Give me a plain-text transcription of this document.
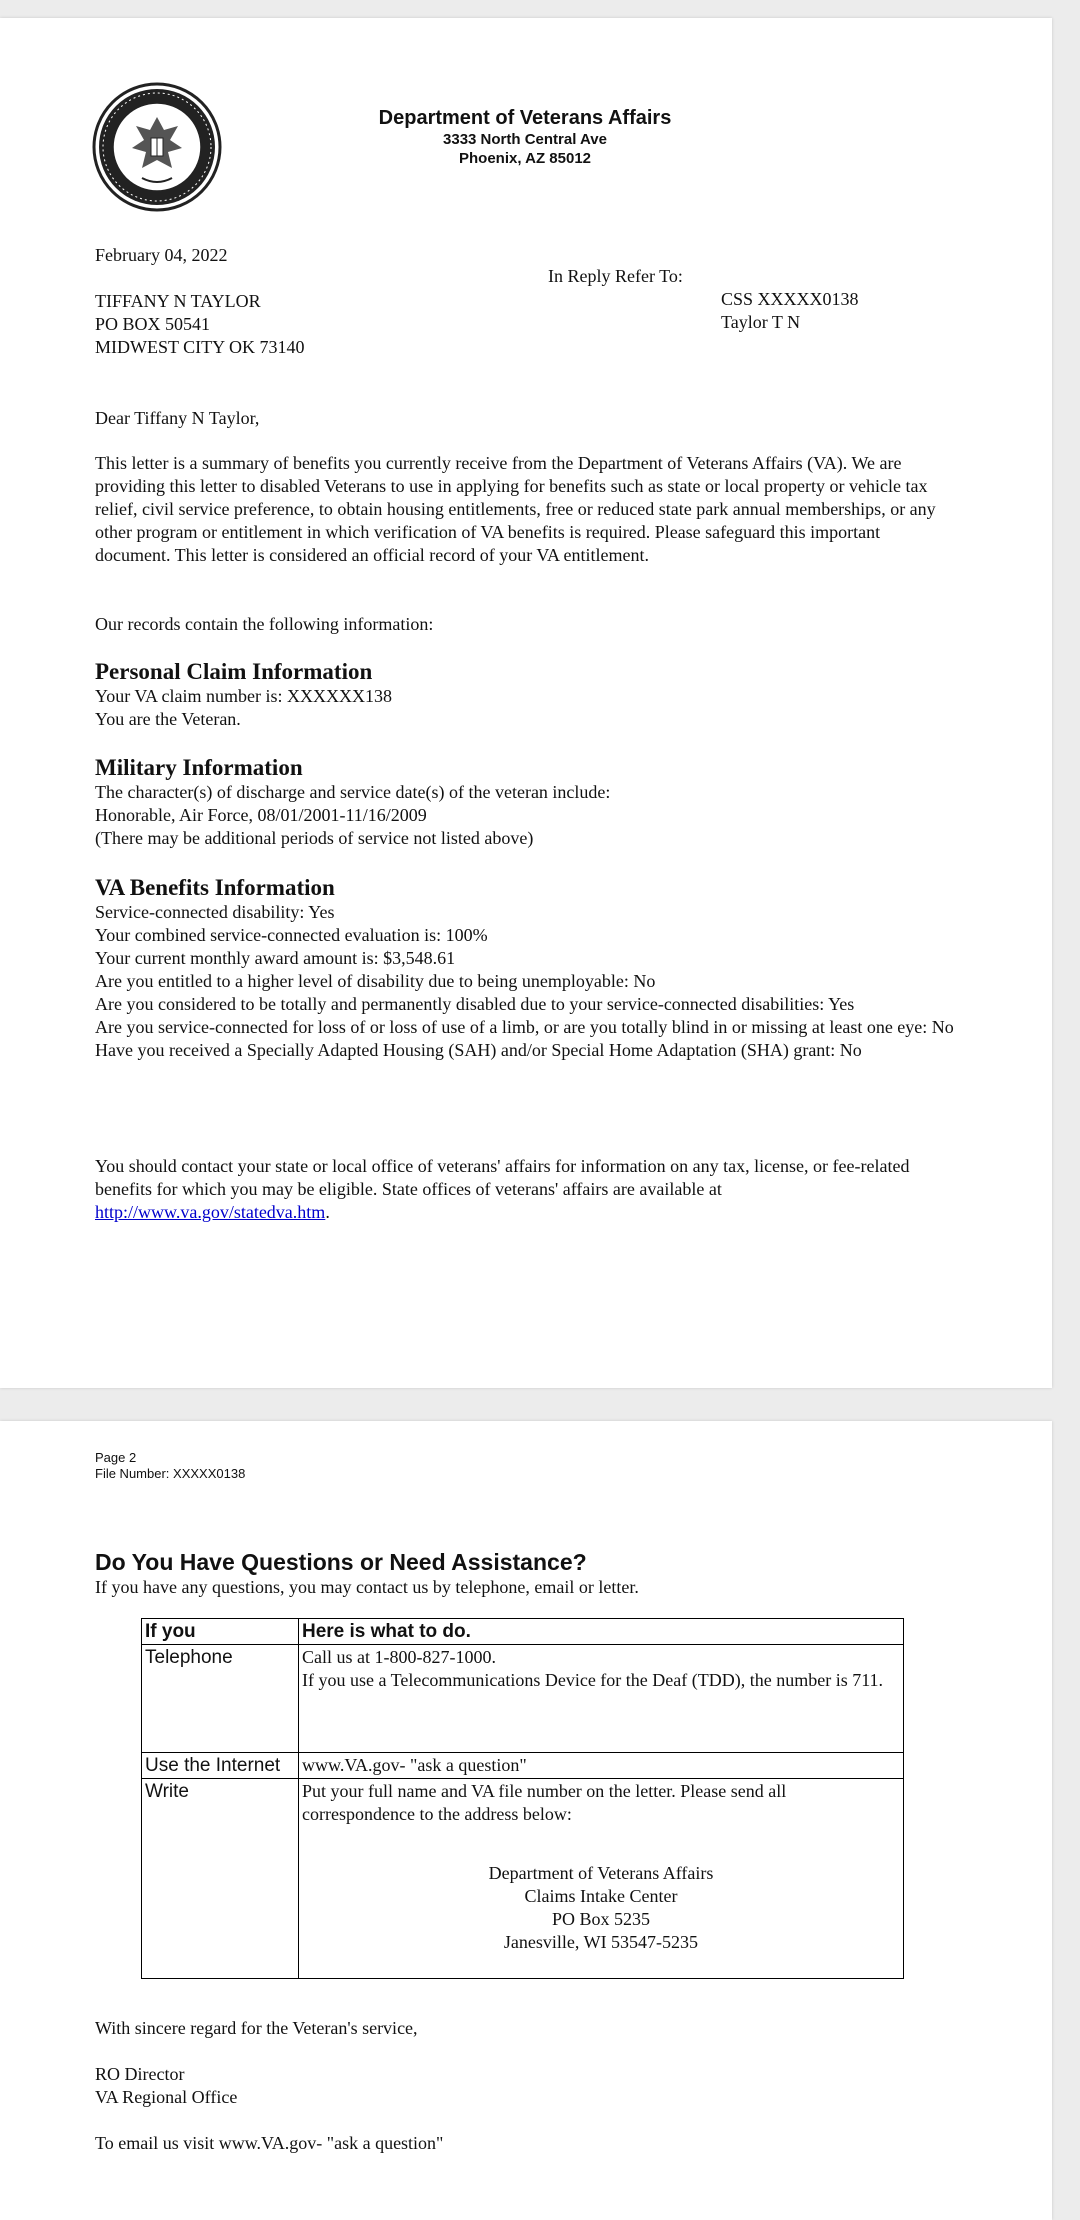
Department of Veterans Affairs
3333 North Central Ave
Phoenix, AZ 85012
February 04, 2022
In Reply Refer To:
CSS XXXXX0138
Taylor T N
TIFFANY N TAYLOR
PO BOX 50541
MIDWEST CITY OK 73140
Dear Tiffany N Taylor,
This letter is a summary of benefits you currently receive from the Department of Veterans Affairs (VA). We are providing this letter to disabled Veterans to use in applying for benefits such as state or local property or vehicle tax relief, civil service preference, to obtain housing entitlements, free or reduced state park annual memberships, or any other program or entitlement in which verification of VA benefits is required. Please safeguard this important document. This letter is considered an official record of your VA entitlement.
Our records contain the following information:
Personal Claim Information
Your VA claim number is: XXXXXX138
You are the Veteran.
Military Information
The character(s) of discharge and service date(s) of the veteran include:
Honorable, Air Force, 08/01/2001-11/16/2009
(There may be additional periods of service not listed above)
VA Benefits Information
Service-connected disability: Yes
Your combined service-connected evaluation is: 100%
Your current monthly award amount is: $3,548.61
Are you entitled to a higher level of disability due to being unemployable: No
Are you considered to be totally and permanently disabled due to your service-connected disabilities: Yes
Are you service-connected for loss of or loss of use of a limb, or are you totally blind in or missing at least one eye: No
Have you received a Specially Adapted Housing (SAH) and/or Special Home Adaptation (SHA) grant: No
You should contact your state or local office of veterans' affairs for information on any tax, license, or fee-related benefits for which you may be eligible. State offices of veterans' affairs are available at http://www.va.gov/statedva.htm.
Page 2
File Number: XXXXX0138
Do You Have Questions or Need Assistance?
If you have any questions, you may contact us by telephone, email or letter.
If you	Here is what to do.
Telephone	Call us at 1-800-827-1000.
If you use a Telecommunications Device for the Deaf (TDD), the number is 711.

Use the Internet	www.VA.gov- "ask a question"
Write	Put your full name and VA file number on the letter. Please send all correspondence to the address below:
Department of Veterans Affairs
Claims Intake Center
PO Box 5235
Janesville, WI 53547-5235
With sincere regard for the Veteran's service,
RO Director
VA Regional Office
To email us visit www.VA.gov- "ask a question"
